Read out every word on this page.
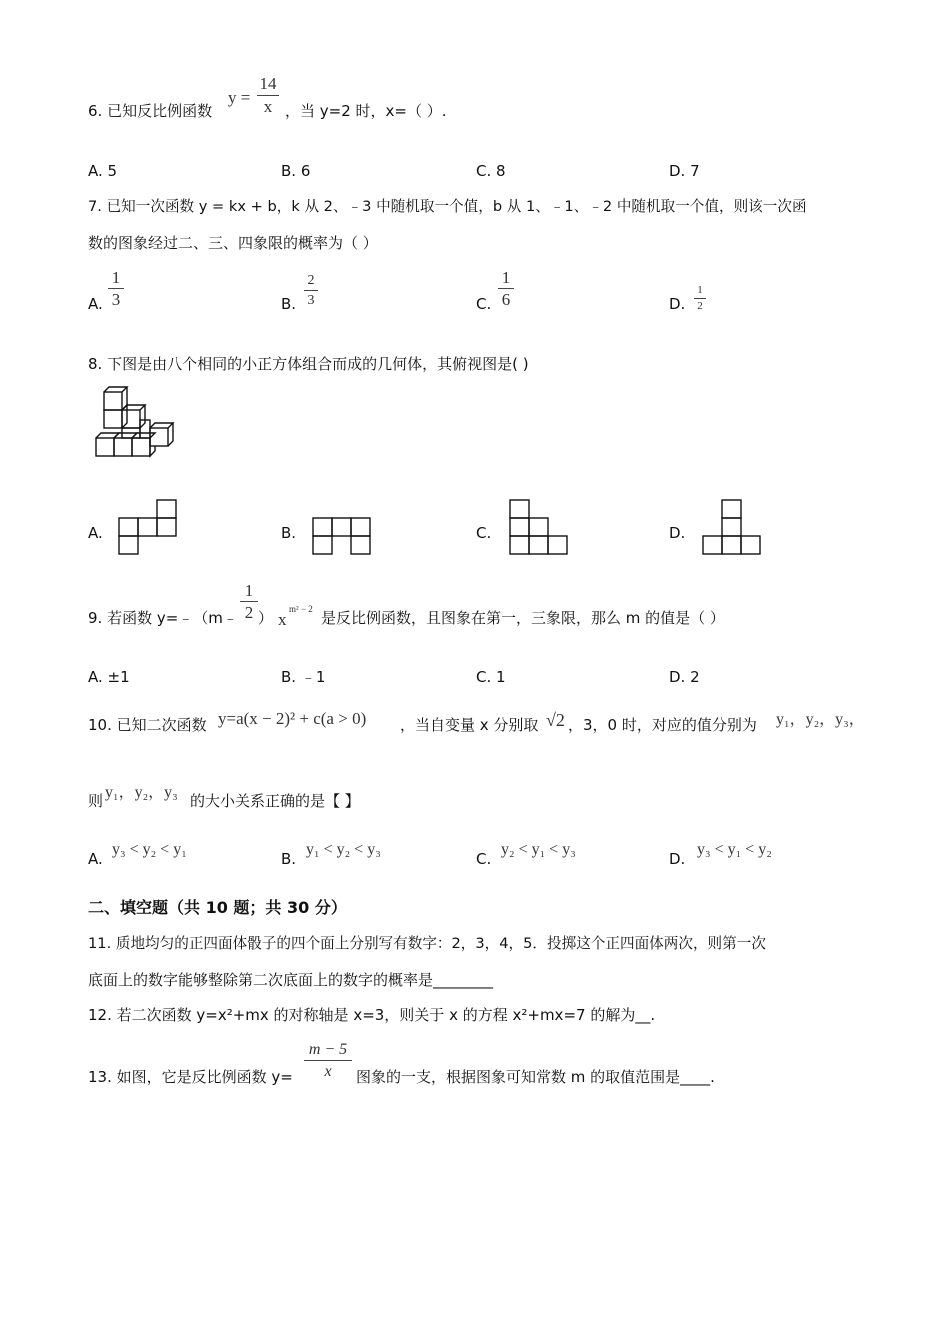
6. 已知反比例函数
y =
14
x ，当 y=2 时，x=（ ）.
A. 5	B. 6	C. 8	D. 7
7. 已知一次函数 y = kx + b，k 从 2、﹣3 中随机取一个值，b 从 1、﹣1、﹣2 中随机取一个值，则该一次函
数的图象经过二、三、四象限的概率为（ ）
A.
1
3	B.
2
3	C.
1
6	D.
1
2
8. 下图是由八个相同的小正方体组合而成的几何体，其俯视图是( )
A.	B.	C.	D.
9. 若函数 y=﹣（m﹣
1
2 ） x
m² − 2 是反比例函数，且图象在第一，三象限，那么 m 的值是（ ）
A. ±1	B. ﹣1	C. 1	D. 2
10. 已知二次函数 y=a(x − 2)² + c(a > 0) ，当自变量 x 分别取 √2 ，3，0 时，对应的值分别为 y₁，y₂，y₃，
则 y₁，y₂，y₃ 的大小关系正确的是【 】
A.
y₃ < y₂ < y₁
B.
y₁ < y₂ < y₃
C.
y₂ < y₁ < y₃
D.
y₃ < y₁ < y₂
二、填空题（共 10 题；共 30 分）
11. 质地均匀的正四面体骰子的四个面上分别写有数字：2，3，4，5．投掷这个正四面体两次，则第一次
底面上的数字能够整除第二次底面上的数字的概率是________
12. 若二次函数 y=x²+mx 的对称轴是 x=3，则关于 x 的方程 x²+mx=7 的解为__.
13. 如图，它是反比例函数 y=
m − 5
x	图象的一支，根据图象可知常数 m 的取值范围是____.
